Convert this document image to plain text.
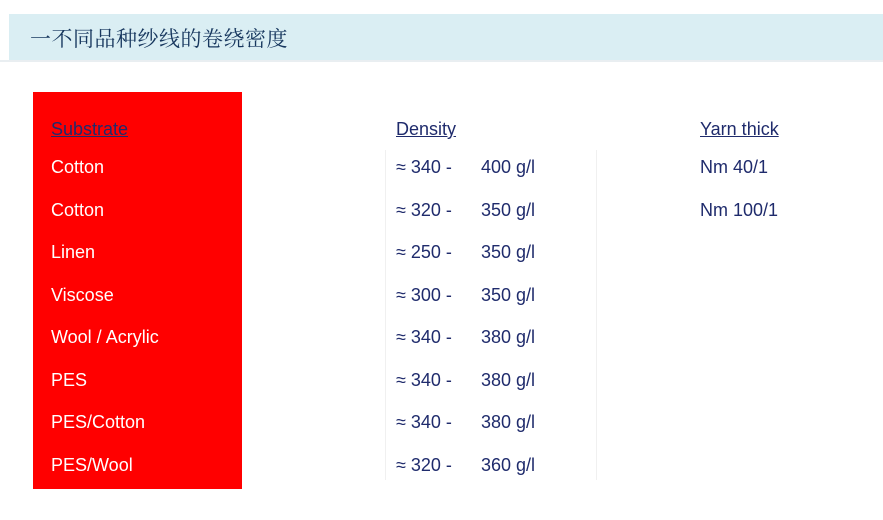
一不同品种纱线的卷绕密度
Substrate
Cotton
Cotton
Linen
Viscose
Wool / Acrylic
PES
PES/Cotton
PES/Wool
Density
≈ 340 - 400 g/l
≈ 320 - 350 g/l
≈ 250 - 350 g/l
≈ 300 - 350 g/l
≈ 340 - 380 g/l
≈ 340 - 380 g/l
≈ 340 - 380 g/l
≈ 320 - 360 g/l
Yarn thick
Nm 40/1
Nm 100/1
